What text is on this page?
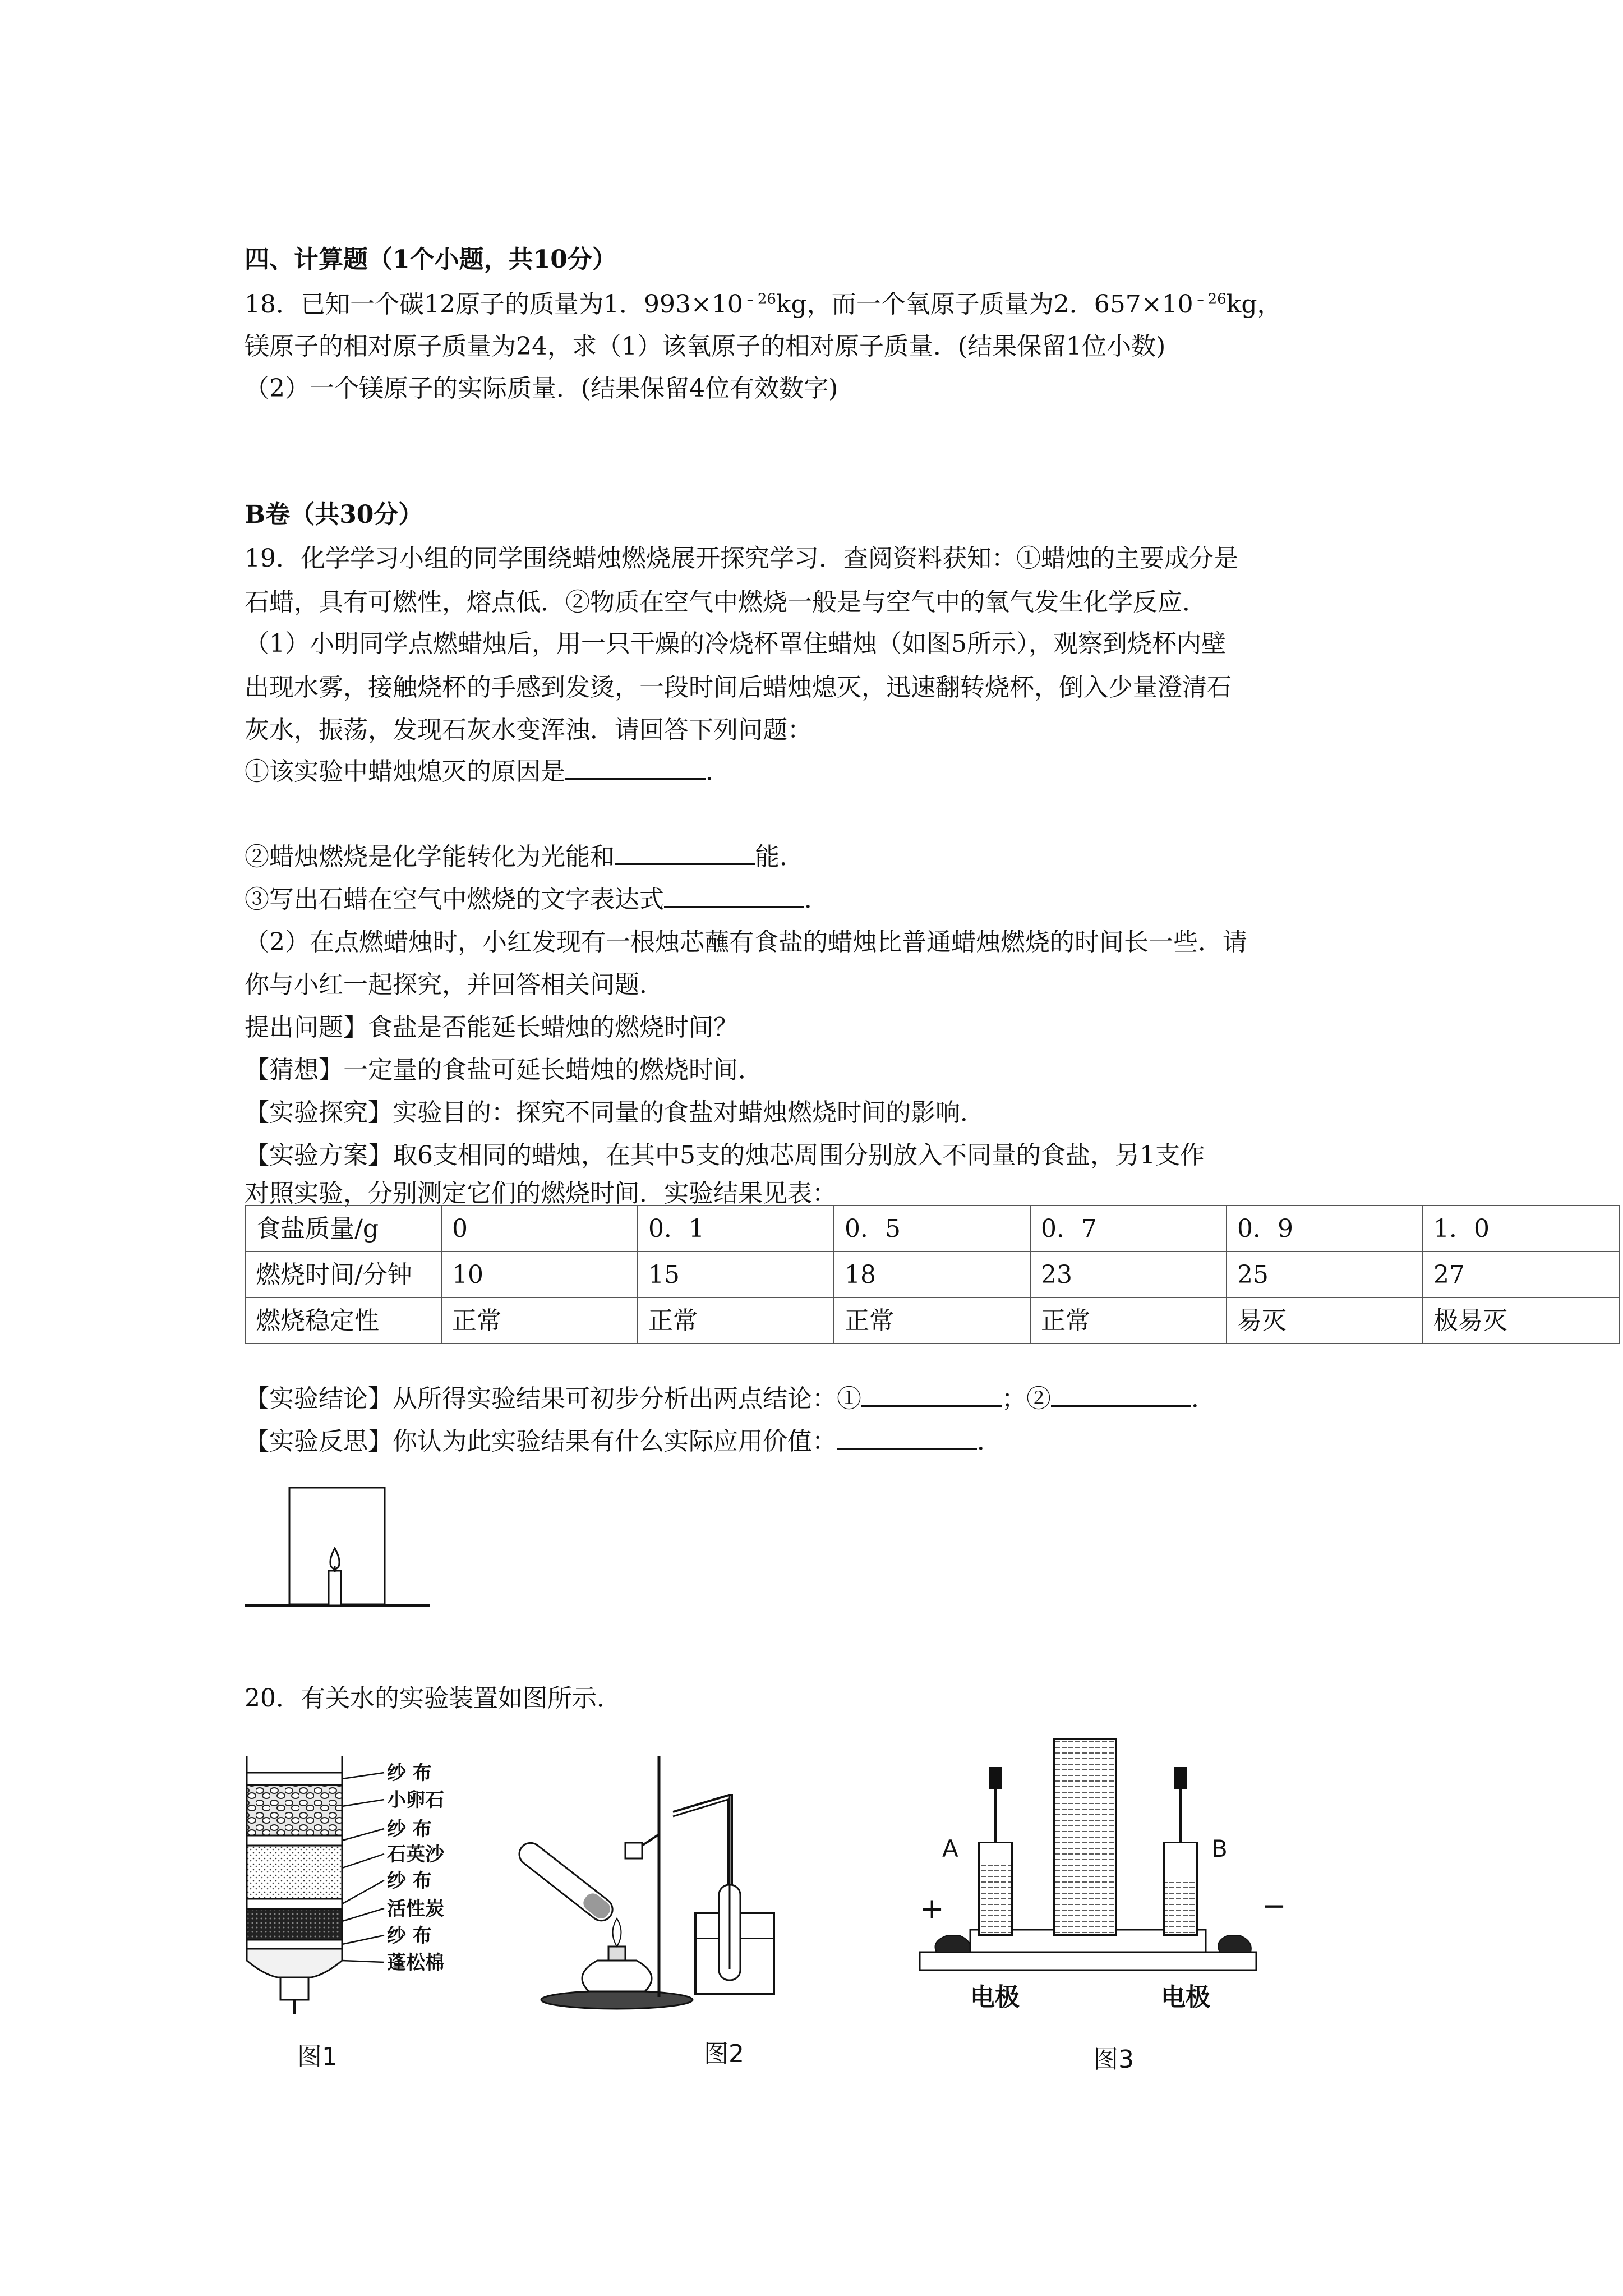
四、计算题（1个小题，共10分）
18．已知一个碳12原子的质量为1．$993\times 10^{﹣26}kg$，而一个氧原子质量为2．$657\times 10^{﹣26}kg$，
镁原子的相对原子质量为24，求（1）该氧原子的相对原子质量．(结果保留1位小数)
（2）一个镁原子的实际质量．(结果保留4位有效数字)
B卷（共30分）
19．化学学习小组的同学围绕蜡烛燃烧展开探究学习．查阅资料获知：①蜡烛的主要成分是
石蜡，具有可燃性，熔点低．②物质在空气中燃烧一般是与空气中的氧气发生化学反应．
（1）小明同学点燃蜡烛后，用一只干燥的冷烧杯罩住蜡烛（如图5所示），观察到烧杯内壁
出现水雾，接触烧杯的手感到发烫，一段时间后蜡烛熄灭，迅速翻转烧杯，倒入少量澄清石
灰水，振荡，发现石灰水变浑浊．请回答下列问题：
①该实验中蜡烛熄灭的原因是	．
②蜡烛燃烧是化学能转化为光能和	能．
③写出石蜡在空气中燃烧的文字表达式	．
（2）在点燃蜡烛时，小红发现有一根烛芯蘸有食盐的蜡烛比普通蜡烛燃烧的时间长一些．请
你与小红一起探究，并回答相关问题．
提出问题】食盐是否能延长蜡烛的燃烧时间？
【猜想】一定量的食盐可延长蜡烛的燃烧时间．
【实验探究】实验目的：探究不同量的食盐对蜡烛燃烧时间的影响．
【实验方案】取6支相同的蜡烛，在其中5支的烛芯周围分别放入不同量的食盐，另1支作
对照实验，分别测定它们的燃烧时间．实验结果见表：
食盐质量/g	0	0．1	0．5	0．7	0．9	1．0
燃烧时间/分钟	10	15	18	23	25	27
燃烧稳定性	正常	正常	正常	正常	易灭	极易灭
【实验结论】从所得实验结果可初步分析出两点结论：①	；②	．
【实验反思】你认为此实验结果有什么实际应用价值：	．
20．有关水的实验装置如图所示．
纱 布
小卵石
纱 布
石英沙
纱 布
活性炭
纱 布
蓬松棉
图1	图2
A	B
+	−
电极	电极
图3
